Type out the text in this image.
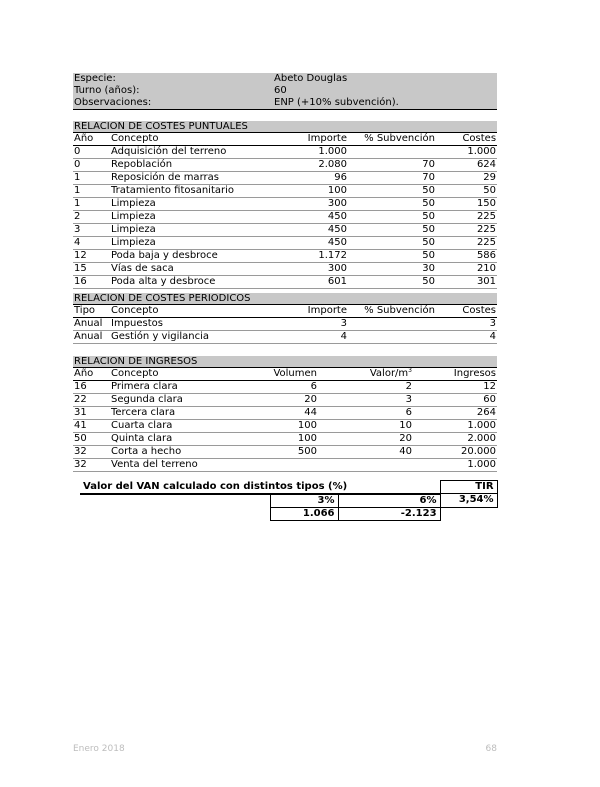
Especie:	Abeto Douglas
Turno (años):	60
Observaciones:	ENP (+10% subvención).
RELACION DE COSTES PUNTUALES				
Año	Concepto	Importe	% Subvención	Costes
0	Adquisición del terreno	1.000		1.000
0	Repoblación	2.080	70	624
1	Reposición de marras	96	70	29
1	Tratamiento fitosanitario	100	50	50
1	Limpieza	300	50	150
2	Limpieza	450	50	225
3	Limpieza	450	50	225
4	Limpieza	450	50	225
12	Poda baja y desbroce	1.172	50	586
15	Vías de saca	300	30	210
16	Poda alta y desbroce	601	50	301
RELACION DE COSTES PERIODICOS				
Tipo	Concepto	Importe	% Subvención	Costes
Anual	Impuestos	3		3
Anual	Gestión y vigilancia	4		4
RELACION DE INGRESOS				
Año	Concepto	Volumen	Valor/$m^3$	Ingresos
16	Primera clara	6	2	12
22	Segunda clara	20	3	60
31	Tercera clara	44	6	264
41	Cuarta clara	100	10	1.000
50	Quinta clara	100	20	2.000
32	Corta a hecho	500	40	20.000
32	Venta del terreno			1.000
Valor del VAN calculado con distintos tipos (%)			TIR
	3%	6%	3,54%
	1.066	-2.123	
Enero 2018	68
